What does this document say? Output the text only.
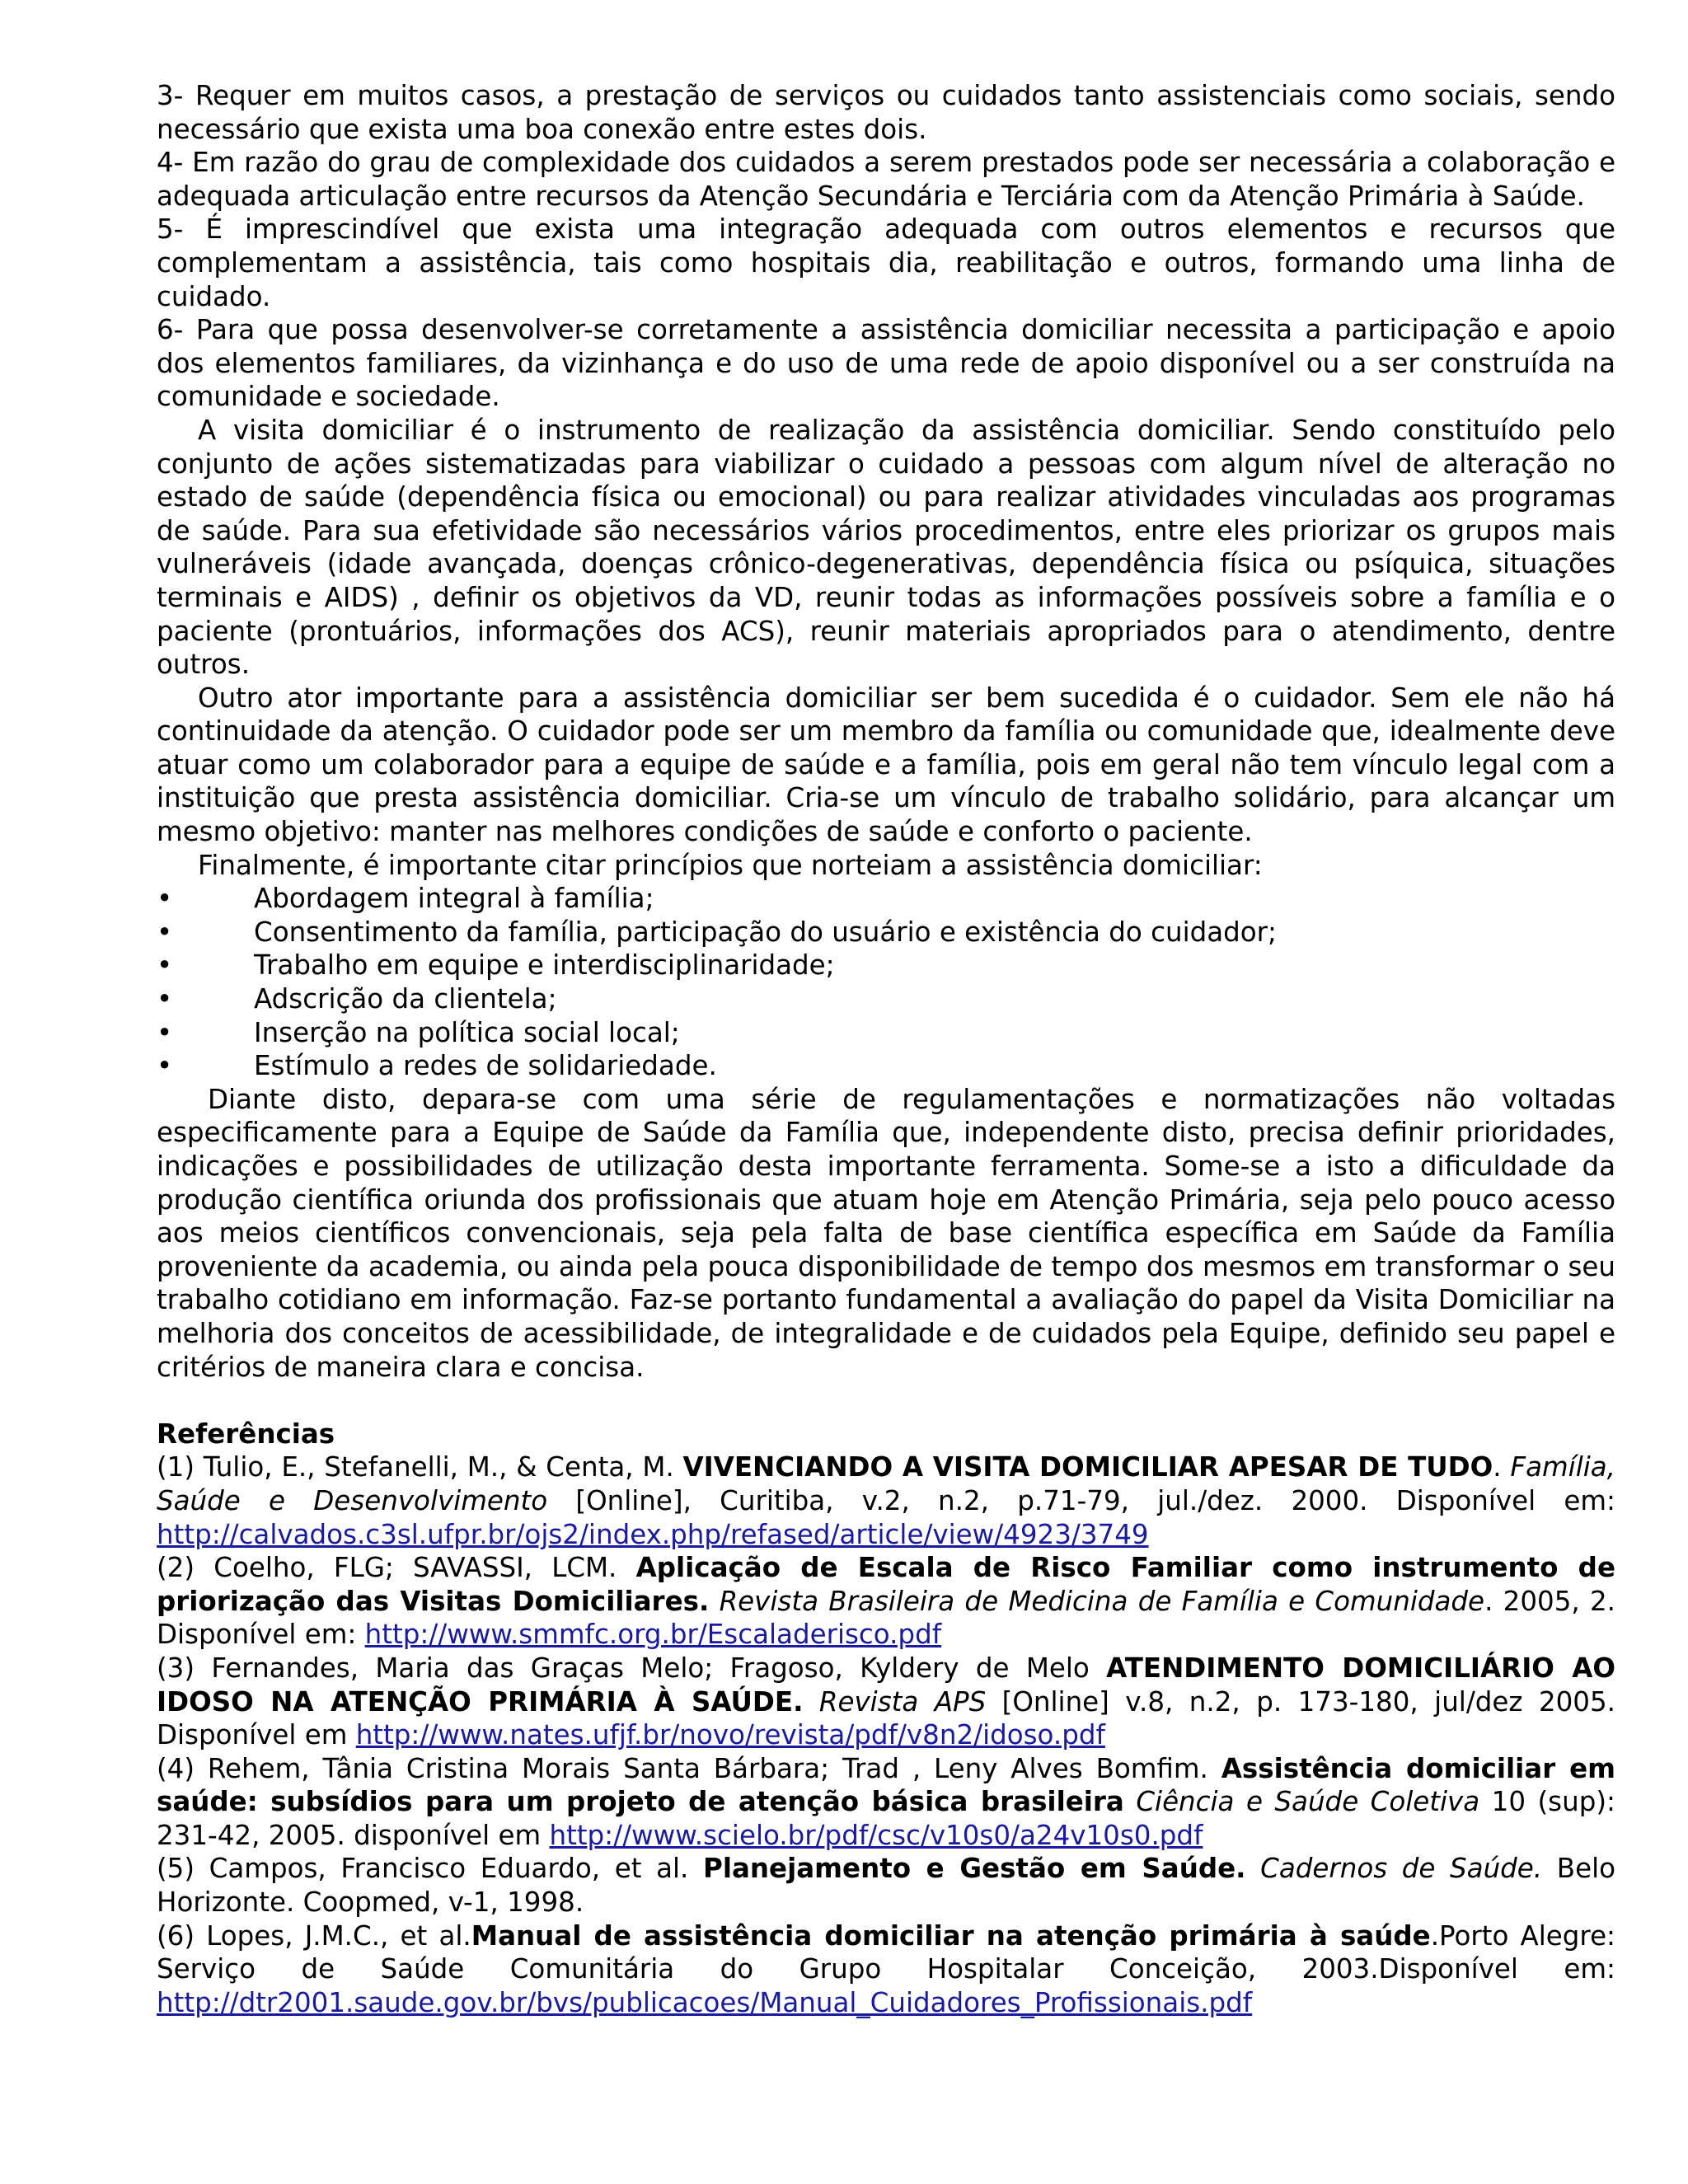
3- Requer em muitos casos, a prestação de serviços ou cuidados tanto assistenciais como sociais, sendo necessário que exista uma boa conexão entre estes dois.

4- Em razão do grau de complexidade dos cuidados a serem prestados pode ser necessária a colaboração e adequada articulação entre recursos da Atenção Secundária e Terciária com da Atenção Primária à Saúde.

5- É imprescindível que exista uma integração adequada com outros elementos e recursos que complementam a assistência, tais como hospitais dia, reabilitação e outros, formando uma linha de cuidado.

6- Para que possa desenvolver-se corretamente a assistência domiciliar necessita a participação e apoio dos elementos familiares, da vizinhança e do uso de uma rede de apoio disponível ou a ser construída na comunidade e sociedade.

A visita domiciliar é o instrumento de realização da assistência domiciliar. Sendo constituído pelo conjunto de ações sistematizadas para viabilizar o cuidado a pessoas com algum nível de alteração no estado de saúde (dependência física ou emocional) ou para realizar atividades vinculadas aos programas de saúde. Para sua efetividade são necessários vários procedimentos, entre eles priorizar os grupos mais vulneráveis (idade avançada, doenças crônico-degenerativas, dependência física ou psíquica, situações terminais e AIDS) , definir os objetivos da VD, reunir todas as informações possíveis sobre a família e o paciente (prontuários, informações dos ACS), reunir materiais apropriados para o atendimento, dentre outros.

Outro ator importante para a assistência domiciliar ser bem sucedida é o cuidador. Sem ele não há continuidade da atenção. O cuidador pode ser um membro da família ou comunidade que, idealmente deve atuar como um colaborador para a equipe de saúde e a família, pois em geral não tem vínculo legal com a instituição que presta assistência domiciliar. Cria-se um vínculo de trabalho solidário, para alcançar um mesmo objetivo: manter nas melhores condições de saúde e conforto o paciente.

Finalmente, é importante citar princípios que norteiam a assistência domiciliar:

•	Abordagem integral à família;
•	Consentimento da família, participação do usuário e existência do cuidador;
•	Trabalho em equipe e interdisciplinaridade;
•	Adscrição da clientela;
•	Inserção na política social local;
•	Estímulo a redes de solidariedade.

Diante disto, depara-se com uma série de regulamentações e normatizações não voltadas especificamente para a Equipe de Saúde da Família que, independente disto, precisa definir prioridades, indicações e possibilidades de utilização desta importante ferramenta. Some-se a isto a dificuldade da produção científica oriunda dos profissionais que atuam hoje em Atenção Primária, seja pelo pouco acesso aos meios científicos convencionais, seja pela falta de base científica específica em Saúde da Família proveniente da academia, ou ainda pela pouca disponibilidade de tempo dos mesmos em transformar o seu trabalho cotidiano em informação. Faz-se portanto fundamental a avaliação do papel da Visita Domiciliar na melhoria dos conceitos de acessibilidade, de integralidade e de cuidados pela Equipe, definido seu papel e critérios de maneira clara e concisa.

Referências

(1) Tulio, E., Stefanelli, M., & Centa, M. VIVENCIANDO A VISITA DOMICILIAR APESAR DE TUDO. Família, Saúde e Desenvolvimento [Online], Curitiba, v.2, n.2, p.71-79, jul./dez. 2000. Disponível em: http://calvados.c3sl.ufpr.br/ojs2/index.php/refased/article/view/4923/3749

(2) Coelho, FLG; SAVASSI, LCM. Aplicação de Escala de Risco Familiar como instrumento de priorização das Visitas Domiciliares. Revista Brasileira de Medicina de Família e Comunidade. 2005, 2. Disponível em: http://www.smmfc.org.br/Escaladerisco.pdf

(3) Fernandes, Maria das Graças Melo; Fragoso, Kyldery de Melo ATENDIMENTO DOMICILIÁRIO AO IDOSO NA ATENÇÃO PRIMÁRIA À SAÚDE. Revista APS [Online] v.8, n.2, p. 173-180, jul/dez 2005. Disponível em http://www.nates.ufjf.br/novo/revista/pdf/v8n2/idoso.pdf

(4) Rehem, Tânia Cristina Morais Santa Bárbara; Trad , Leny Alves Bomfim. Assistência domiciliar em saúde: subsídios para um projeto de atenção básica brasileira Ciência e Saúde Coletiva 10 (sup): 231-42, 2005. disponível em http://www.scielo.br/pdf/csc/v10s0/a24v10s0.pdf

(5) Campos, Francisco Eduardo, et al. Planejamento e Gestão em Saúde. Cadernos de Saúde. Belo Horizonte. Coopmed, v-1, 1998.

(6) Lopes, J.M.C., et al.Manual de assistência domiciliar na atenção primária à saúde.Porto Alegre: Serviço de Saúde Comunitária do Grupo Hospitalar Conceição, 2003.Disponível em: http://dtr2001.saude.gov.br/bvs/publicacoes/Manual_Cuidadores_Profissionais.pdf
